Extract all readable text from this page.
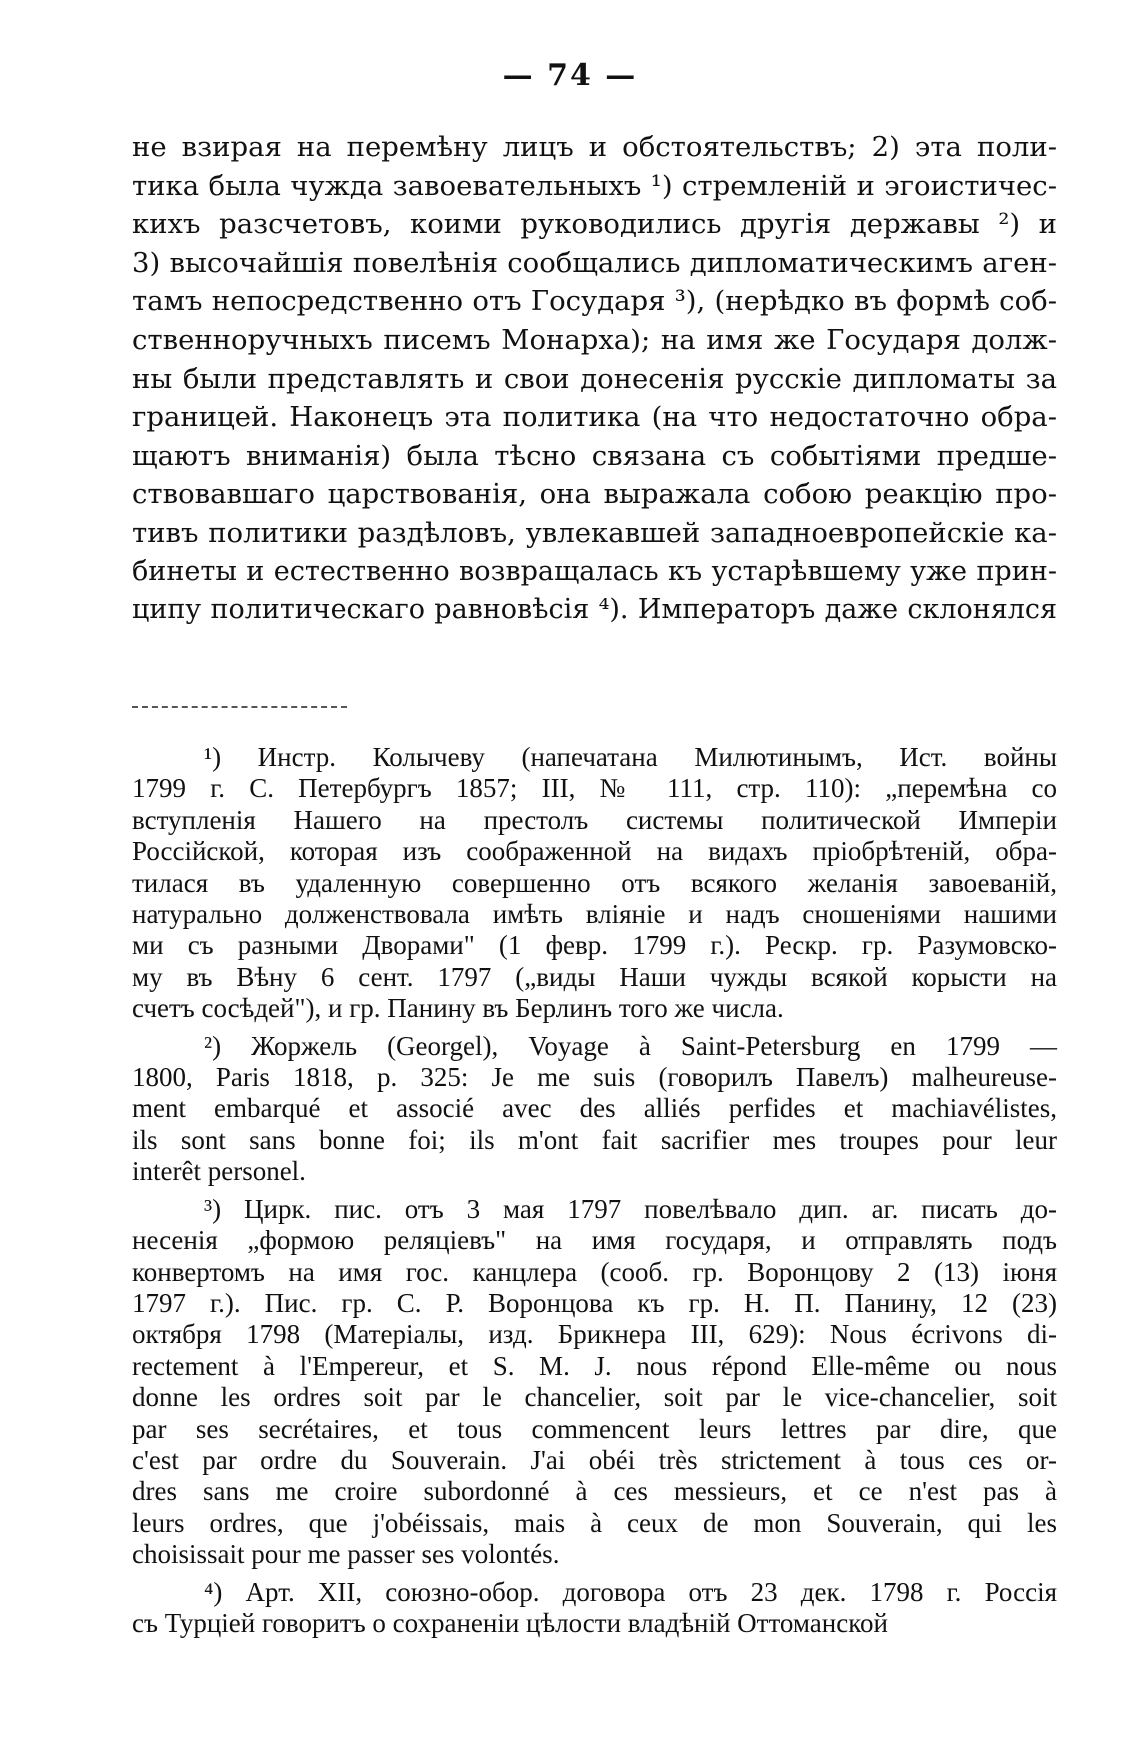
— 74 —
не взирая на перемѣну лицъ и обстоятельствъ; 2) эта поли-
тика была чужда завоевательныхъ ¹) стремленій и эгоистичес-
кихъ разсчетовъ, коими руководились другія державы ²) и
3) высочайшія повелѣнія сообщались дипломатическимъ аген-
тамъ непосредственно отъ Государя ³), (нерѣдко въ формѣ соб-
ственноручныхъ писемъ Монарха); на имя же Государя долж-
ны были представлять и свои донесенія русскіе дипломаты за
границей. Наконецъ эта политика (на что недостаточно обра-
щаютъ вниманія) была тѣсно связана съ событіями предше-
ствовавшаго царствованія, она выражала собою реакцію про-
тивъ политики раздѣловъ, увлекавшей западноевропейскіе ка-
бинеты и естественно возвращалась къ устарѣвшему уже прин-
ципу политическаго равновѣсія ⁴). Императоръ даже склонялся
¹) Инстр. Колычеву (напечатана Милютинымъ, Ист. войны
1799 г. С. Петербургъ 1857; III, № 111, стр. 110): „перемѣна со
вступленія Нашего на престолъ системы политической Имперіи
Россійской, которая изъ соображенной на видахъ пріобрѣтеній, обра-
тилася въ удаленную совершенно отъ всякого желанія завоеваній,
натурально долженствовала имѣть вліяніе и надъ сношеніями нашими
ми съ разными Дворами" (1 февр. 1799 г.). Рескр. гр. Разумовско-
му въ Вѣну 6 сент. 1797 („виды Наши чужды всякой корысти на
счетъ сосѣдей"), и гр. Панину въ Берлинъ того же числа.
²) Жоржель (Georgel), Voyage à Saint-Petersburg en 1799 —
1800, Paris 1818, p. 325: Je me suis (говорилъ Павелъ) malheureuse-
ment embarqué et associé avec des alliés perfides et machiavélistes,
ils sont sans bonne foi; ils m'ont fait sacrifier mes troupes pour leur
interêt personel.
³) Цирк. пис. отъ 3 мая 1797 повелѣвало дип. аг. писать до-
несенія „формою реляцiевъ" на имя государя, и отправлять подъ
конвертомъ на имя гос. канцлера (сооб. гр. Воронцову 2 (13) іюня
1797 г.). Пис. гр. С. Р. Воронцова къ гр. Н. П. Панину, 12 (23)
октября 1798 (Матеріалы, изд. Брикнера III, 629): Nous écrivons di-
rectement à l'Empereur, et S. M. J. nous répond Elle-même ou nous
donne les ordres soit par le chancelier, soit par le vice-chancelier, soit
par ses secrétaires, et tous commencent leurs lettres par dire, que
c'est par ordre du Souverain. J'ai obéi très strictement à tous ces or-
dres sans me croire subordonné à ces messieurs, et ce n'est pas à
leurs ordres, que j'obéissais, mais à ceux de mon Souverain, qui les
choisissait pour me passer ses volontés.
⁴) Арт. XII, союзно-обор. договора отъ 23 дек. 1798 г. Россія
съ Турціей говоритъ о сохраненіи цѣлости владѣній Оттоманской
